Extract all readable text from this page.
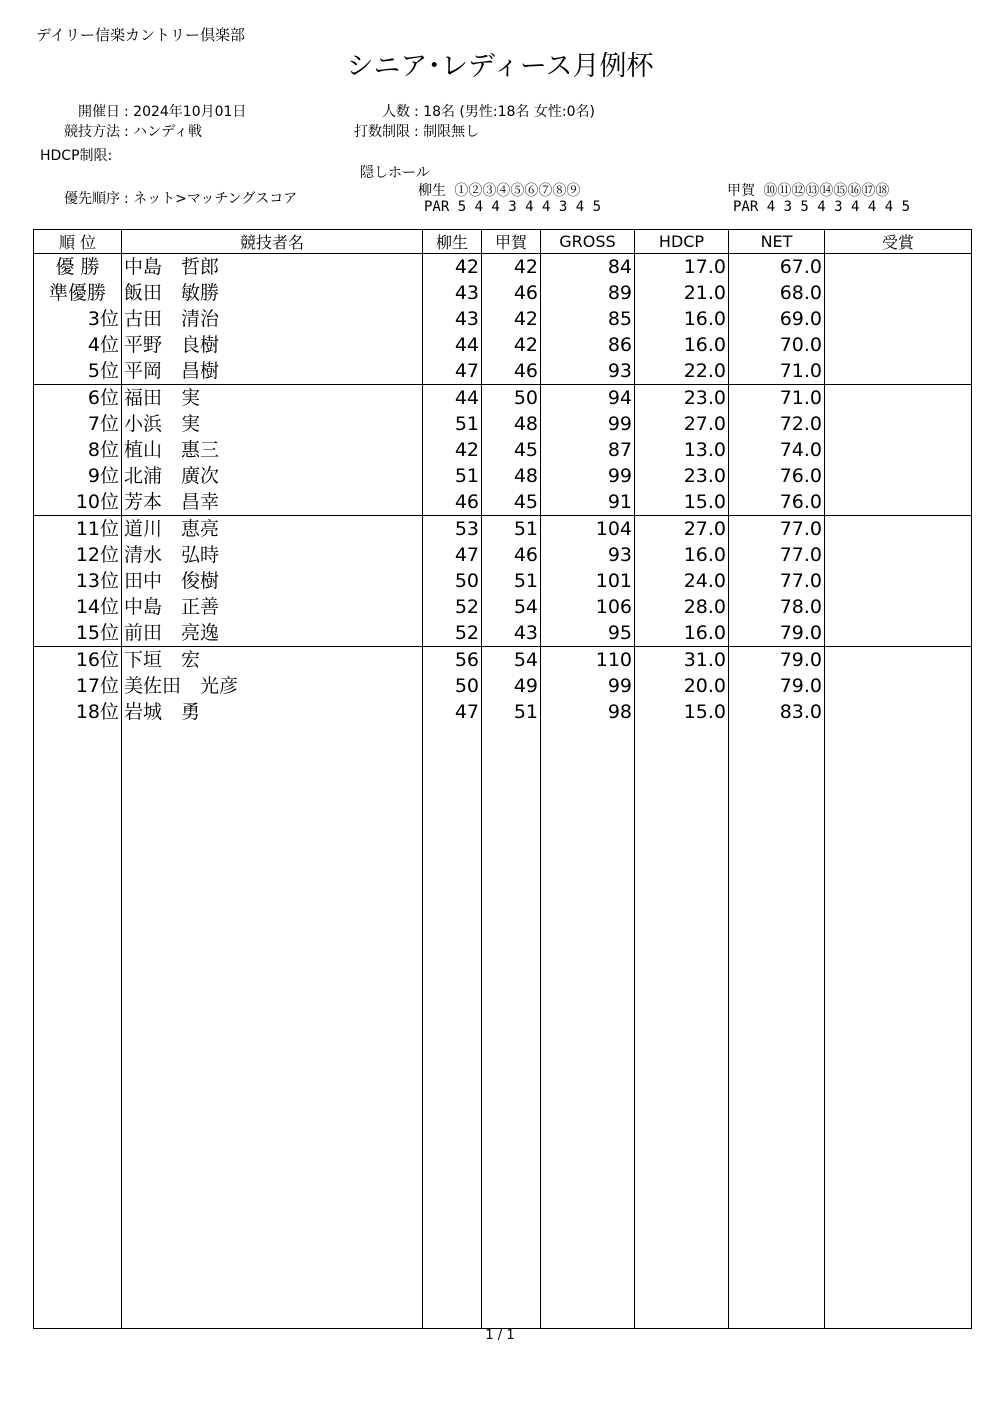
デイリー信楽カントリー倶楽部
シニア･レディース月例杯
開催日 : 2024年10月01日
競技方法 : ハンディ戦
HDCP制限:
人数 : 18名 (男性:18名 女性:0名)
打数制限 : 制限無し
優先順序 : ネット>マッチングスコア
隠しホール
柳生 ①②③④⑤⑥⑦⑧⑨
PAR 5 4 4 3 4 4 3 4 5
甲賀 ⑩⑪⑫⑬⑭⑮⑯⑰⑱
PAR 4 3 5 4 3 4 4 4 5
順 位	競技者名	柳生	甲賀	GROSS	HDCP	NET	受賞
優 勝	中島　哲郎	42	42	84	17.0	67.0	
準優勝	飯田　敏勝	43	46	89	21.0	68.0	
3位	古田　清治	43	42	85	16.0	69.0	
4位	平野　良樹	44	42	86	16.0	70.0	
5位	平岡　昌樹	47	46	93	22.0	71.0	
6位	福田　実	44	50	94	23.0	71.0	
7位	小浜　実	51	48	99	27.0	72.0	
8位	植山　惠三	42	45	87	13.0	74.0	
9位	北浦　廣次	51	48	99	23.0	76.0	
10位	芳本　昌幸	46	45	91	15.0	76.0	
11位	道川　恵亮	53	51	104	27.0	77.0	
12位	清水　弘時	47	46	93	16.0	77.0	
13位	田中　俊樹	50	51	101	24.0	77.0	
14位	中島　正善	52	54	106	28.0	78.0	
15位	前田　亮逸	52	43	95	16.0	79.0	
16位	下垣　宏	56	54	110	31.0	79.0	
17位	美佐田　光彦	50	49	99	20.0	79.0	
18位	岩城　勇	47	51	98	15.0	83.0	

1 / 1
